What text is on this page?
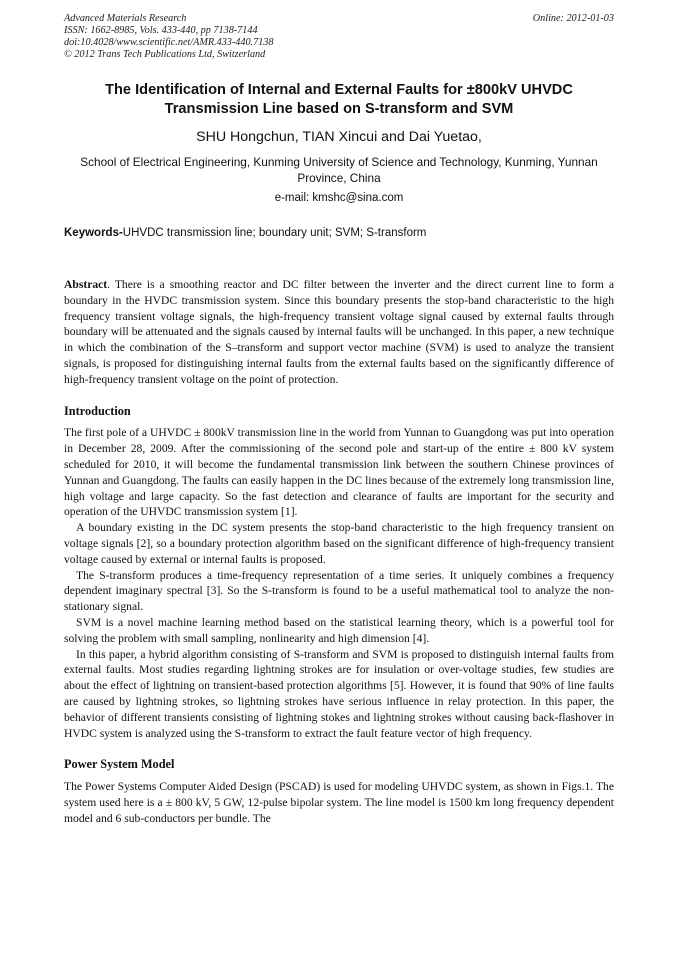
Advanced Materials Research
ISSN: 1662-8985, Vols. 433-440, pp 7138-7144
doi:10.4028/www.scientific.net/AMR.433-440.7138
© 2012 Trans Tech Publications Ltd, Switzerland
Online: 2012-01-03
The Identification of Internal and External Faults for ±800kV UHVDC Transmission Line based on S-transform and SVM
SHU Hongchun, TIAN Xincui and Dai Yuetao,
School of Electrical Engineering, Kunming University of Science and Technology, Kunming, Yunnan Province, China
e-mail: kmshc@sina.com
Keywords-UHVDC transmission line; boundary unit; SVM; S-transform

Abstract. There is a smoothing reactor and DC filter between the inverter and the direct current line to form a boundary in the HVDC transmission system. Since this boundary presents the stop-band characteristic to the high frequency transient voltage signals, the high-frequency transient voltage signal caused by external faults through boundary will be attenuated and the signals caused by internal faults will be unchanged. In this paper, a new technique in which the combination of the S–transform and support vector machine (SVM) is used to analyze the transient signals, is proposed for distinguishing internal faults from the external faults based on the significantly difference of high-frequency transient voltage on the point of protection.

Introduction

The first pole of a UHVDC ± 800kV transmission line in the world from Yunnan to Guangdong was put into operation in December 28, 2009. After the commissioning of the second pole and start-up of the entire ± 800 kV system scheduled for 2010, it will become the fundamental transmission link between the southern Chinese provinces of Yunnan and Guangdong. The faults can easily happen in the DC lines because of the extremely long transmission line, high voltage and large capacity. So the fast detection and clearance of faults are important for the security and operation of the UHVDC transmission system [1].

A boundary existing in the DC system presents the stop-band characteristic to the high frequency transient on voltage signals [2], so a boundary protection algorithm based on the significant difference of high-frequency transient voltage caused by external or internal faults is proposed.

The S-transform produces a time-frequency representation of a time series. It uniquely combines a frequency dependent imaginary spectral [3]. So the S-transform is found to be a useful mathematical tool to analyze the non-stationary signal.

SVM is a novel machine learning method based on the statistical learning theory, which is a powerful tool for solving the problem with small sampling, nonlinearity and high dimension [4].

In this paper, a hybrid algorithm consisting of S-transform and SVM is proposed to distinguish internal faults from external faults. Most studies regarding lightning strokes are for insulation or over-voltage studies, few studies are about the effect of lightning on transient-based protection algorithms [5]. However, it is found that 90% of line faults are caused by lightning strokes, so lightning strokes have serious influence in relay protection. In this paper, the behavior of different transients consisting of lightning stokes and lightning strokes without causing back-flashover in HVDC system is analyzed using the S-transform to extract the fault feature vector of high frequency.

Power System Model

The Power Systems Computer Aided Design (PSCAD) is used for modeling UHVDC system, as shown in Figs.1. The system used here is a ± 800 kV, 5 GW, 12-pulse bipolar system. The line model is 1500 km long frequency dependent model and 6 sub-conductors per bundle. The
